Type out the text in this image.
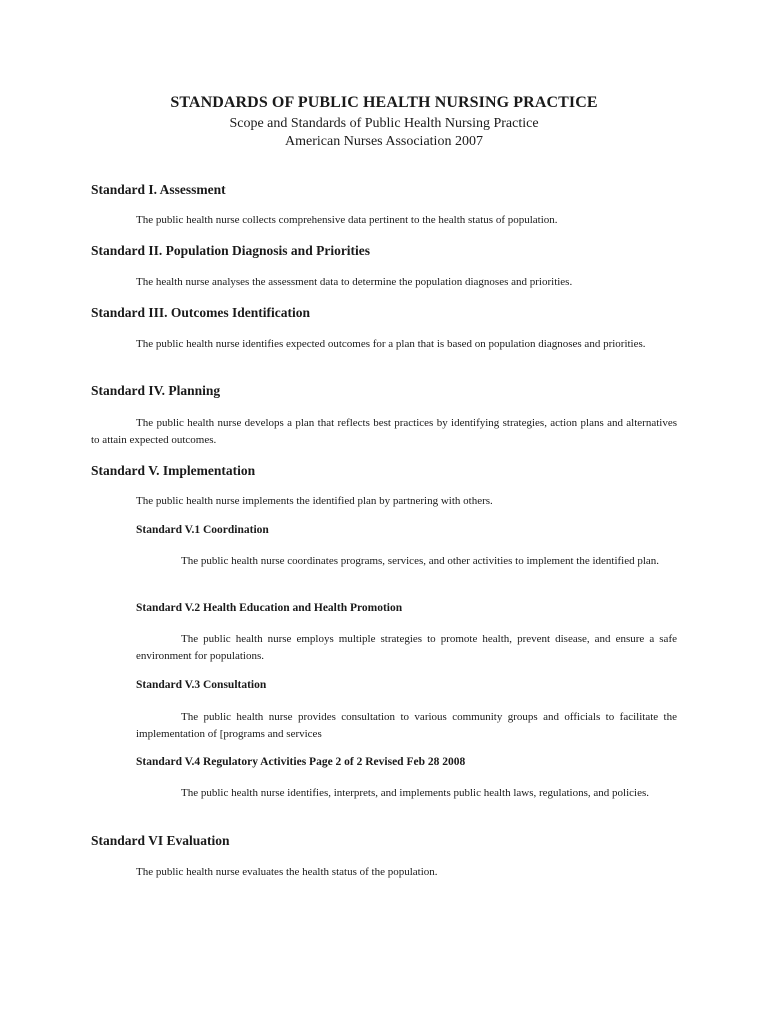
STANDARDS OF PUBLIC HEALTH NURSING PRACTICE

Scope and Standards of Public Health Nursing Practice

American Nurses Association 2007

Standard I. Assessment

The public health nurse collects comprehensive data pertinent to the health status of population.

Standard II. Population Diagnosis and Priorities

The health nurse analyses the assessment data to determine the population diagnoses and priorities.

Standard III. Outcomes Identification

The public health nurse identifies expected outcomes for a plan that is based on population diagnoses and priorities.

Standard IV. Planning

The public health nurse develops a plan that reflects best practices by identifying strategies, action plans and alternatives to attain expected outcomes.

Standard V. Implementation

The public health nurse implements the identified plan by partnering with others.

Standard V.1 Coordination

The public health nurse coordinates programs, services, and other activities to implement the identified plan.

Standard V.2 Health Education and Health Promotion

The public health nurse employs multiple strategies to promote health, prevent disease, and ensure a safe environment for populations.

Standard V.3 Consultation

The public health nurse provides consultation to various community groups and officials to facilitate the implementation of [programs and services

Standard V.4 Regulatory Activities Page 2 of 2 Revised Feb 28 2008

The public health nurse identifies, interprets, and implements public health laws, regulations, and policies.

Standard VI Evaluation

The public health nurse evaluates the health status of the population.
